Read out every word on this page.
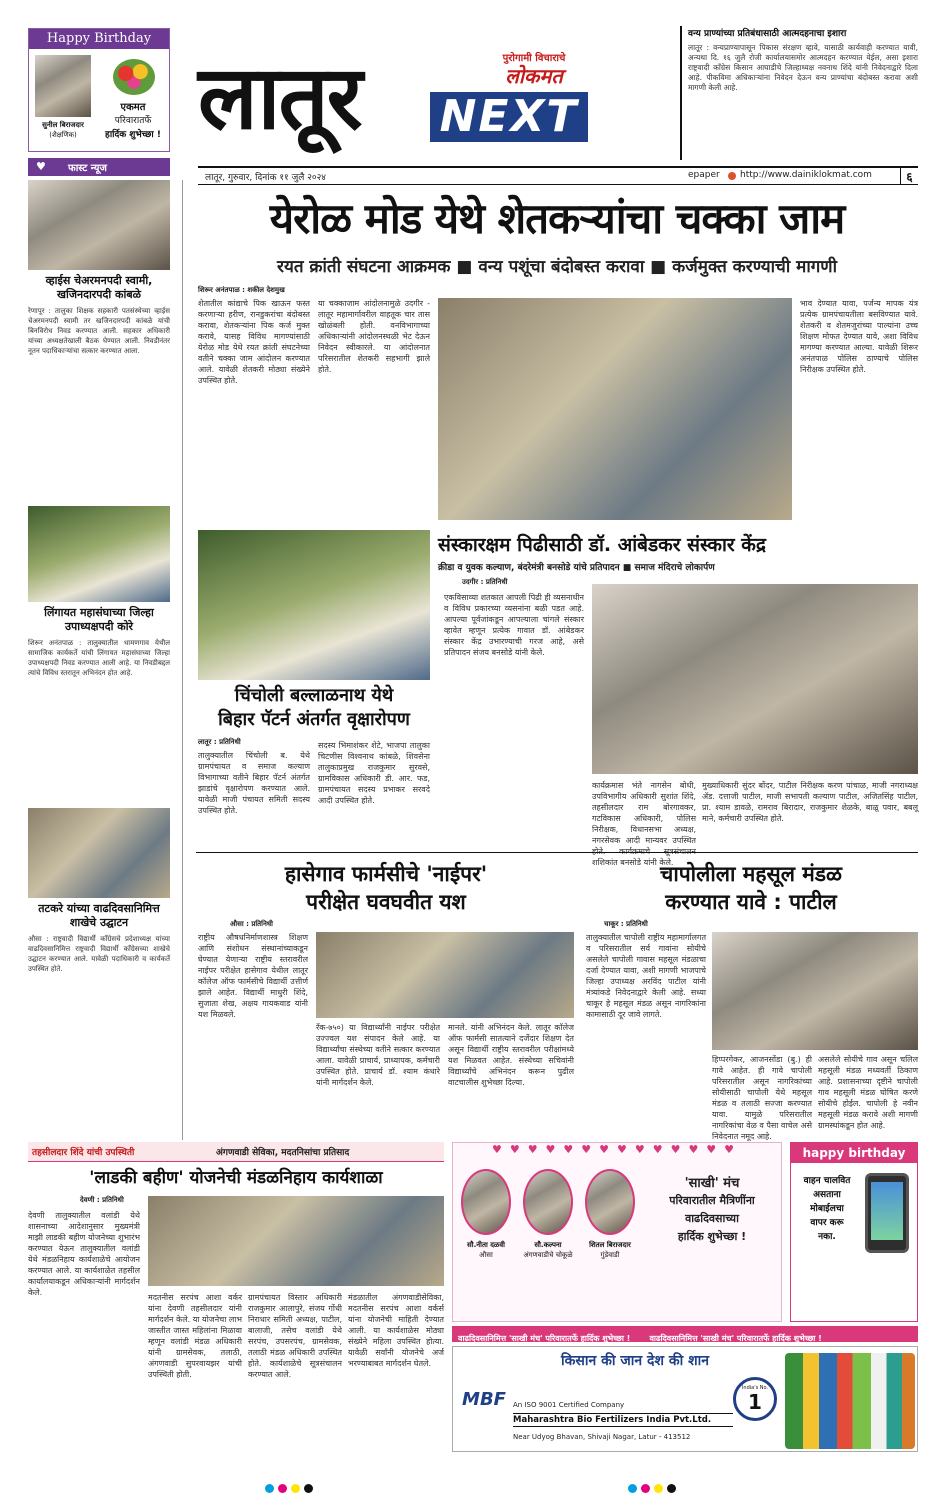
Happy Birthday
सुनील बिराजदार
(शैक्षणिक)
एकमत
परिवारातर्फे
हार्दिक शुभेच्छा ! लातूर	पुरोगामी विचाराचे
लोकमत
NEXT
वन्य प्राण्यांच्या प्रतिबंधासाठी आत्मदहनाचा इशारा
लातूर : वन्यप्राण्यापासून पिकास संरक्षण व्हावे, यासाठी कार्यवाही करण्यात यावी, अन्यथा दि. १६ जुलै रोजी कार्यालयासमोर आत्मदहन करण्यात येईल, असा इशारा राष्ट्रवादी काँग्रेस किसान आघाडीचे जिल्हाध्यक्ष नवनाथ शिंदे यांनी निवेदनाद्वारे दिला आहे. पीकविमा अधिकाऱ्यांना निवेदन देऊन वन्य प्राण्यांचा बंदोबस्त करावा अशी मागणी केली आहे.
लातूर, गुरुवार, दिनांक ११ जुलै २०२४	epaper http://www.dainiklokmat.com	६
♥ फास्ट न्यूज
व्हाईस चेअरमनपदी स्वामी, खजिनदारपदी कांबळे
रेणापूर : तालुका शिक्षक सहकारी पतसंस्थेच्या व्हाईस चेअरमनपदी स्वामी तर खजिनदारपदी कांबळे यांची बिनविरोध निवड करण्यात आली. सहकार अधिकारी यांच्या अध्यक्षतेखाली बैठक घेण्यात आली. निवडीनंतर नूतन पदाधिकाऱ्यांचा सत्कार करण्यात आला.
लिंगायत महासंघाच्या जिल्हा उपाध्यक्षपदी कोरे
शिरूर अनंतपाळ : तालुक्यातील धामणगाव येथील सामाजिक कार्यकर्ते यांची लिंगायत महासंघाच्या जिल्हा उपाध्यक्षपदी निवड करण्यात आली आहे. या निवडीबद्दल त्यांचे विविध स्तरातून अभिनंदन होत आहे.
तटकरे यांच्या वाढदिवसानिमित्त शाखेचे उद्घाटन
औसा : राष्ट्रवादी विद्यार्थी काँग्रेसचे प्रदेशाध्यक्ष यांच्या वाढदिवसानिमित्त राष्ट्रवादी विद्यार्थी काँग्रेसच्या शाखेचे उद्घाटन करण्यात आले. यावेळी पदाधिकारी व कार्यकर्ते उपस्थित होते.
येरोळ मोड येथे शेतकऱ्यांचा चक्का जाम
रयत क्रांती संघटना आक्रमक ■ वन्य पशूंचा बंदोबस्त करावा ■ कर्जमुक्त करण्याची मागणी
शिरूर अनंतपाळ : शकील देशमुख
शेतातील कांद्याचे पिक खाऊन फस्त करणाऱ्या हरीण, रानडुकरांचा बंदोबस्त करावा, शेतकऱ्यांना पिक कर्ज मुक्त करावे, यासह विविध मागण्यांसाठी येरोळ मोड येथे रयत क्रांती संघटनेच्या वतीने चक्का जाम आंदोलन करण्यात आले. यावेळी शेतकरी मोठ्या संख्येने उपस्थित होते.
या चक्काजाम आंदोलनामुळे उदगीर - लातूर महामार्गावरील वाहतूक चार तास खोळंबली होती. वनविभागाच्या अधिकाऱ्यांनी आंदोलनस्थळी भेट देऊन निवेदन स्वीकारले. या आंदोलनात परिसरातील शेतकरी सहभागी झाले होते.
भाव देण्यात यावा, पर्जन्य मापक यंत्र प्रत्येक ग्रामपंचायतीला बसविण्यात यावे. शेतकरी व शेतमजुरांच्या पाल्यांना उच्च शिक्षण मोफत देण्यात यावे, अशा विविध मागण्या करण्यात आल्या. यावेळी शिरूर अनंतपाळ पोलिस ठाण्याचे पोलिस निरीक्षक उपस्थित होते.
चिंचोली बल्लाळनाथ येथे
बिहार पॅटर्न अंतर्गत वृक्षारोपण
लातूर : प्रतिनिधी
तालुक्यातील चिंचोली ब. येथे ग्रामपंचायत व समाज कल्याण विभागाच्या वतीने बिहार पॅटर्न अंतर्गत झाडांचे वृक्षारोपण करण्यात आले. यावेळी माजी पंचायत समिती सदस्य उपस्थित होते.
सदस्य भिमाशंकर शेटे, भाजपा तालुका चिटणीस विश्वनाथ कांबळे, शिवसेना तालुकाप्रमुख राजकुमार सुरवसे, ग्रामविकास अधिकारी डी. आर. फड, ग्रामपंचायत सदस्य प्रभाकर सरवदे आदी उपस्थित होते.
संस्कारक्षम पिढीसाठी डॉ. आंबेडकर संस्कार केंद्र
क्रीडा व युवक कल्याण, बंदरेमंत्री बनसोडे यांचे प्रतिपादन ■ समाज मंदिराचे लोकार्पण
उदगीर : प्रतिनिधी
एकविसाव्या शतकात आपली पिढी ही व्यसनाधीन व विविध प्रकारच्या व्यसनांना बळी पडत आहे. आपल्या पूर्वजांकडून आपल्याला चांगले संस्कार व्हावेत म्हणून प्रत्येक गावात डॉ. आंबेडकर संस्कार केंद्र उभारण्याची गरज आहे, असे प्रतिपादन संजय बनसोडे यांनी केले.
कार्यक्रमास भंते नागसेन बोधी, उपविभागीय अधिकारी सुशांत शिंदे, तहसीलदार राम बोरगावकर, गटविकास अधिकारी, पोलिस निरीक्षक, विधानसभा अध्यक्ष, नगरसेवक आदी मान्यवर उपस्थित शशिकांत बनसोडे यांनी केले.
मुख्याधिकारी सुंदर बोंदर, पाटील निरीक्षक करण पांचाळ, माजी नगराध्यक्ष ॲड. दत्ताजी पाटील, माजी सभापती कल्याण पाटील, अजितसिंह पाटील, प्रा. श्याम डावळे, रामराव बिरादार, राजकुमार शेळके, बाळू पवार, बबलू माने, कर्मचारी उपस्थित होते.
हासेगाव फार्मसीचे 'नाईपर'
परीक्षेत घवघवीत यश
औसा : प्रतिनिधी
राष्ट्रीय औषधनिर्माणशास्त्र शिक्षण आणि संशोधन संस्थानांच्याकडून घेण्यात येणाऱ्या राष्ट्रीय स्तरावरील नाईपर परीक्षेत हासेगाव येथील लातूर कॉलेज ऑफ फार्मसीचे विद्यार्थी उत्तीर्ण झाले आहेत. विद्यार्थी माधुरी शिंदे, सुजाता शेख, अक्षय गायकवाड यांनी यश मिळवले.
रँक-७५०) या विद्यार्थ्यांनी नाईपर परीक्षेत उज्ज्वल यश संपादन केले आहे. या विद्यार्थ्यांचा संस्थेच्या वतीने सत्कार करण्यात आला. यावेळी प्राचार्य, प्राध्यापक, कर्मचारी उपस्थित होते. प्राचार्य डॉ. श्याम कंधारे यांनी मार्गदर्शन केले.
मानले. यांनी अभिनंदन केले. लातूर कॉलेज ऑफ फार्मसी सातत्याने दर्जेदार शिक्षण देत असून विद्यार्थी राष्ट्रीय स्तरावरील परीक्षांमध्ये यश मिळवत आहेत. संस्थेच्या सचिवांनी विद्यार्थ्यांचे अभिनंदन करून पुढील वाटचालीस शुभेच्छा दिल्या.
चापोलीला महसूल मंडळ
करण्यात यावे : पाटील
चाकूर : प्रतिनिधी
तालुक्यातील चापोली राष्ट्रीय महामार्गालगत व परिसरातील सर्व गावांना सोयीचे असलेले चापोली गावास महसूल मंडळाचा दर्जा देण्यात यावा, अशी मागणी भाजपाचे जिल्हा उपाध्यक्ष अरविंद पाटील यांनी मंत्र्यांकडे निवेदनाद्वारे केली आहे. सध्या चाकूर हे महसूल मंडळ असून नागरिकांना कामासाठी दूर जावे लागते.
हिप्परगेकर, आजनसोंडा (बु.) ही गावे आहेत. ही गावे चापोली परिसरातील असून नागरिकांच्या सोयीसाठी चापोली येथे महसूल मंडळ व तलाठी सज्जा करण्यात यावा. यामुळे परिसरातील नागरिकांचा वेळ व पैसा वाचेल असे निवेदनात नमूद आहे.
असलेले सोयीचे गाव असून चलिल महसूली मंडळ मध्यवर्ती ठिकाण आहे. प्रशासनाच्या दृष्टीने चापोली गाव महसूली मंडळ घोषित करणे सोयीचे होईल. चापोली हे नवीन महसूली मंडळ करावे अशी मागणी ग्रामस्थांकडून होत आहे.
तहसीलदार शिंदे यांची उपस्थिती	अंगणवाडी सेविका, मदतनिसांचा प्रतिसाद
'लाडकी बहीण' योजनेची मंडळनिहाय कार्यशाळा
देवणी : प्रतिनिधी
देवणी तालुक्यातील वलांडी येथे शासनाच्या आदेशानुसार मुख्यमंत्री माझी लाडकी बहीण योजनेच्या शुभारंभ करण्यात येऊन तालुक्यातील वलांडी येथे मंडळनिहाय कार्यशाळेचे आयोजन करण्यात आले. या कार्यशाळेत तहसील कार्यालयाकडून अधिकाऱ्यांनी मार्गदर्शन केले.
मदतनीस सरपंच आशा वर्कर यांना देवणी तहसीलदार यांनी मार्गदर्शन केले. या योजनेचा लाभ जास्तीत जास्त महिलांना मिळावा म्हणून वलांडी मंडळ अधिकारी यांनी ग्रामसेवक, तलाठी, अंगणवाडी सुपरवायझर यांची उपस्थिती होती.
ग्रामपंचायत विस्तार अधिकारी राजकुमार आलापुरे, संजय गोंधी निराधार समिती अध्यक्ष, पाटील, बालाजी, तसेच वलांडी येथे सरपंच, उपसरपंच, ग्रामसेवक, तलाठी मंडळ अधिकारी उपस्थित होते. कार्यशाळेचे सूत्रसंचालन करण्यात आले.
मंडळातील अंगणवाडीसेविका, मदतनीस सरपंच आशा वर्कर्स यांना योजनेची माहिती देण्यात आली. या कार्यशाळेस मोठ्या संख्येने महिला उपस्थित होत्या. यावेळी सर्वांनी योजनेचे अर्ज भरण्याबाबत मार्गदर्शन घेतले.
♥♥♥♥♥♥♥♥♥♥♥♥♥♥
सौ.नीता दळवी
औसा
सौ.कल्पना
अंगणवाडीचे चोकूळे
शितल बिराजदार
गुंडेवाडी
'साखी' मंच
परिवारातील मैत्रिणींना
वाढदिवसाच्या
हार्दिक शुभेच्छा !
happy birthday
वाहन चालवित
असताना
मोबाईलचा
वापर करू
नका.
वाढदिवसानिमित्त 'साखी मंच' परिवारातर्फे हार्दिक शुभेच्छा ! वाढदिवसानिमित्त 'साखी मंच' परिवारातर्फे हार्दिक शुभेच्छा !
किसान की जान देश की शान
MBF	An ISO 9001 Certified Company
Maharashtra Bio Fertilizers India Pvt.Ltd.
Near Udyog Bhavan, Shivaji Nagar, Latur - 413512
India's No.
1
